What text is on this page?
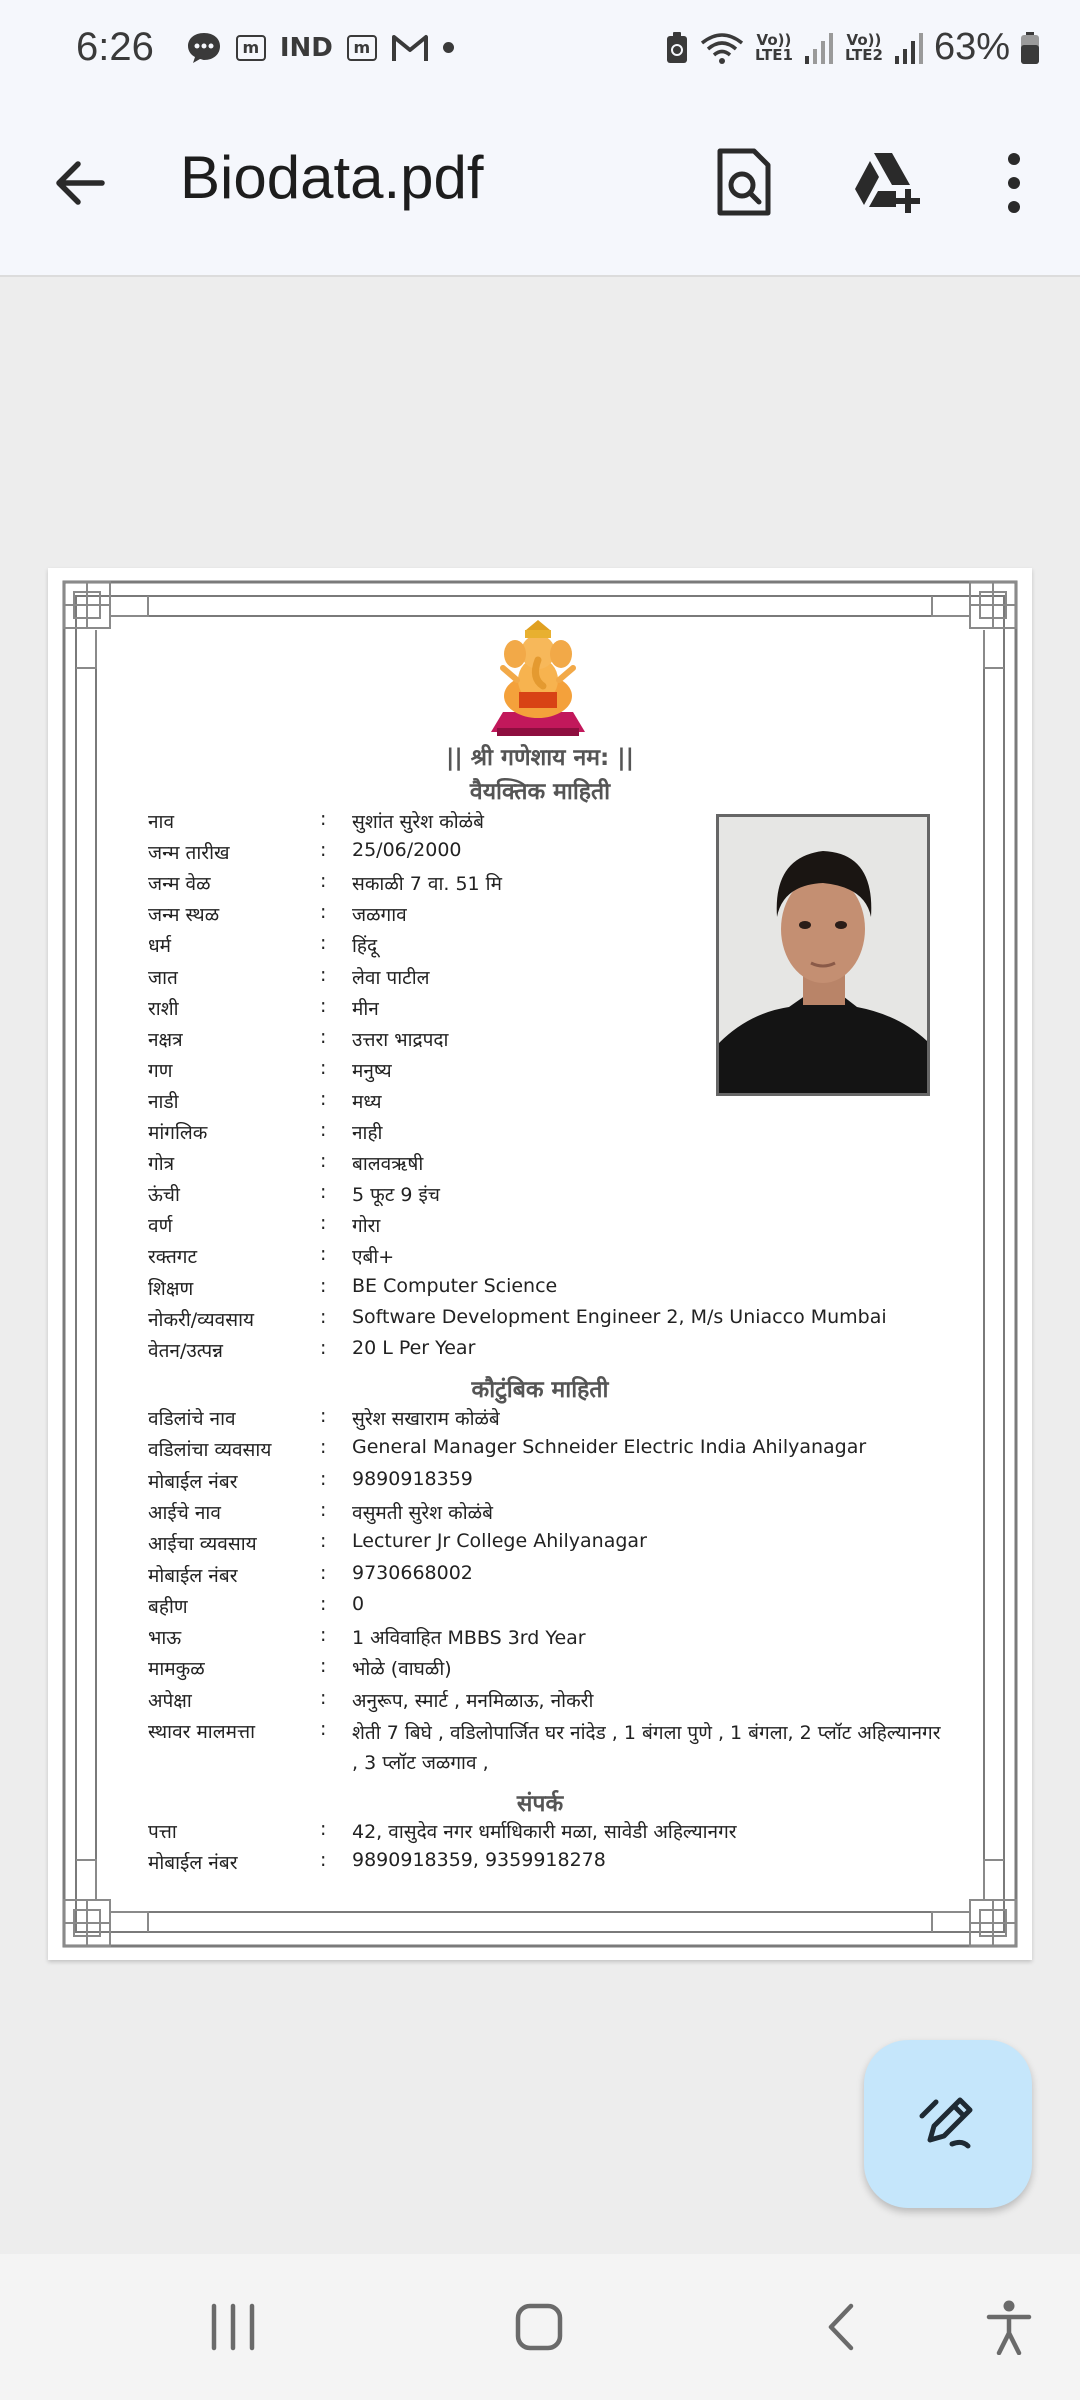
6:26	m IND	m	Vo)) LTE1
Vo)) LTE2 63%
Biodata.pdf
|| श्री गणेशाय नम: ||
वैयक्तिक माहिती
नाव	: सुशांत सुरेश कोळंबे
जन्म तारीख	: 25/06/2000
जन्म वेळ	: सकाळी 7 वा. 51 मि
जन्म स्थळ	: जळगाव
धर्म	: हिंदू
जात	: लेवा पाटील
राशी	: मीन
नक्षत्र	: उत्तरा भाद्रपदा
गण	: मनुष्य
नाडी	: मध्य
मांगलिक	: नाही
गोत्र	: बालवऋषी
ऊंची	: 5 फूट 9 इंच
वर्ण	: गोरा
रक्तगट	: एबी+
शिक्षण	: BE Computer Science
नोकरी/व्यवसाय	: Software Development Engineer 2, M/s Uniacco Mumbai
वेतन/उत्पन्न	: 20 L Per Year
कौटुंबिक माहिती
वडिलांचे नाव	: सुरेश सखाराम कोळंबे
वडिलांचा व्यवसाय	: General Manager Schneider Electric India Ahilyanagar
मोबाईल नंबर	: 9890918359
आईचे नाव	: वसुमती सुरेश कोळंबे
आईचा व्यवसाय	: Lecturer Jr College Ahilyanagar
मोबाईल नंबर	: 9730668002
बहीण	: 0
भाऊ	: 1 अविवाहित MBBS 3rd Year
मामकुळ	: भोळे (वाघळी)
अपेक्षा	: अनुरूप, स्मार्ट , मनमिळाऊ, नोकरी
स्थावर मालमत्ता	: शेती 7 बिघे , वडिलोपार्जित घर नांदेड , 1 बंगला पुणे , 1 बंगला, 2 प्लॉट अहिल्यानगर , 3 प्लॉट जळगाव ,
संपर्क
पत्ता	: 42, वासुदेव नगर धर्माधिकारी मळा, सावेडी अहिल्यानगर
मोबाईल नंबर	: 9890918359, 9359918278
